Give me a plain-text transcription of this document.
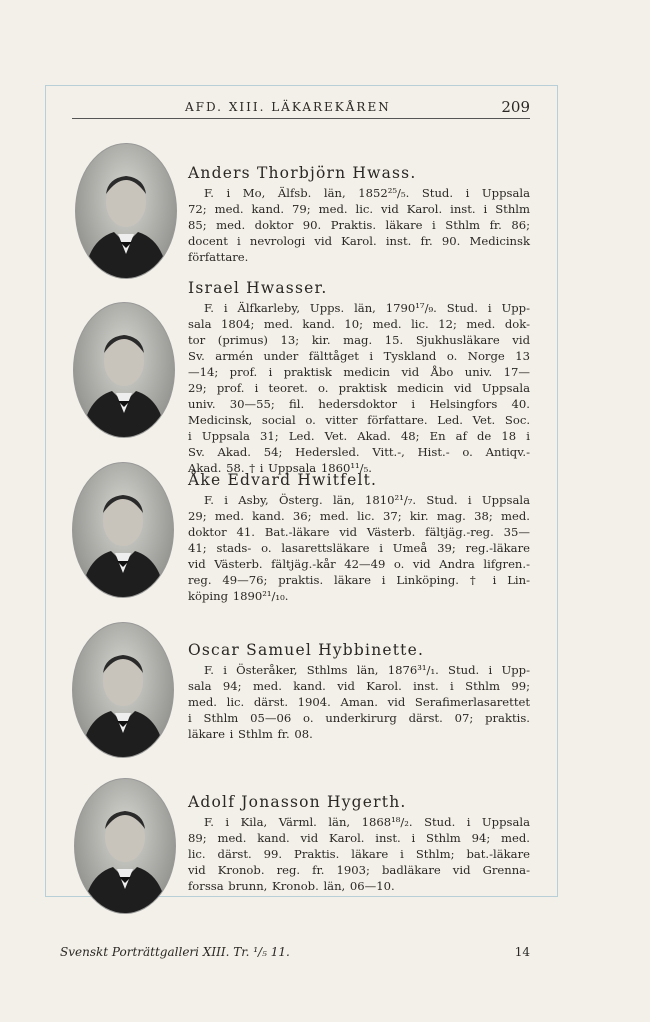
AFD. XIII. LÄKAREKÅREN	209
Anders Thorbjörn Hwass.
F. i Mo, Älfsb. län, 1852²⁵/₅. Stud. i Uppsala
72; med. kand. 79; med. lic. vid Karol. inst. i Sthlm
85; med. doktor 90. Praktis. läkare i Sthlm fr. 86;
docent i nevrologi vid Karol. inst. fr. 90. Medicinsk
författare.
Israel Hwasser.
F. i Älfkarleby, Upps. län, 1790¹⁷/₉. Stud. i Upp-
sala 1804; med. kand. 10; med. lic. 12; med. dok-
tor (primus) 13; kir. mag. 15. Sjukhusläkare vid
Sv. armén under fälttåget i Tyskland o. Norge 13
—14; prof. i praktisk medicin vid Åbo univ. 17—
29; prof. i teoret. o. praktisk medicin vid Uppsala
univ. 30—55; fil. hedersdoktor i Helsingfors 40.
Medicinsk, social o. vitter författare. Led. Vet. Soc.
i Uppsala 31; Led. Vet. Akad. 48; En af de 18 i
Sv. Akad. 54; Hedersled. Vitt.-, Hist.- o. Antiqv.-
Akad. 58. † i Uppsala 1860¹¹/₅.
Åke Edvard Hwitfelt.
F. i Asby, Österg. län, 1810²¹/₇. Stud. i Uppsala
29; med. kand. 36; med. lic. 37; kir. mag. 38; med.
doktor 41. Bat.-läkare vid Västerb. fältjäg.-reg. 35—
41; stads- o. lasarettsläkare i Umeå 39; reg.-läkare
vid Västerb. fältjäg.-kår 42—49 o. vid Andra lifgren.-
reg. 49—76; praktis. läkare i Linköping. † i Lin-
köping 1890²¹/₁₀.
Oscar Samuel Hybbinette.
F. i Österåker, Sthlms län, 1876³¹/₁. Stud. i Upp-
sala 94; med. kand. vid Karol. inst. i Sthlm 99;
med. lic. därst. 1904. Aman. vid Serafimerlasarettet
i Sthlm 05—06 o. underkirurg därst. 07; praktis.
läkare i Sthlm fr. 08.
Adolf Jonasson Hygerth.
F. i Kila, Värml. län, 1868¹⁸/₂. Stud. i Uppsala
89; med. kand. vid Karol. inst. i Sthlm 94; med.
lic. därst. 99. Praktis. läkare i Sthlm; bat.-läkare
vid Kronob. reg. fr. 1903; badläkare vid Grenna-
forssa brunn, Kronob. län, 06—10.
Svenskt Porträttgalleri XIII. Tr. ¹/₅ 11.	14
